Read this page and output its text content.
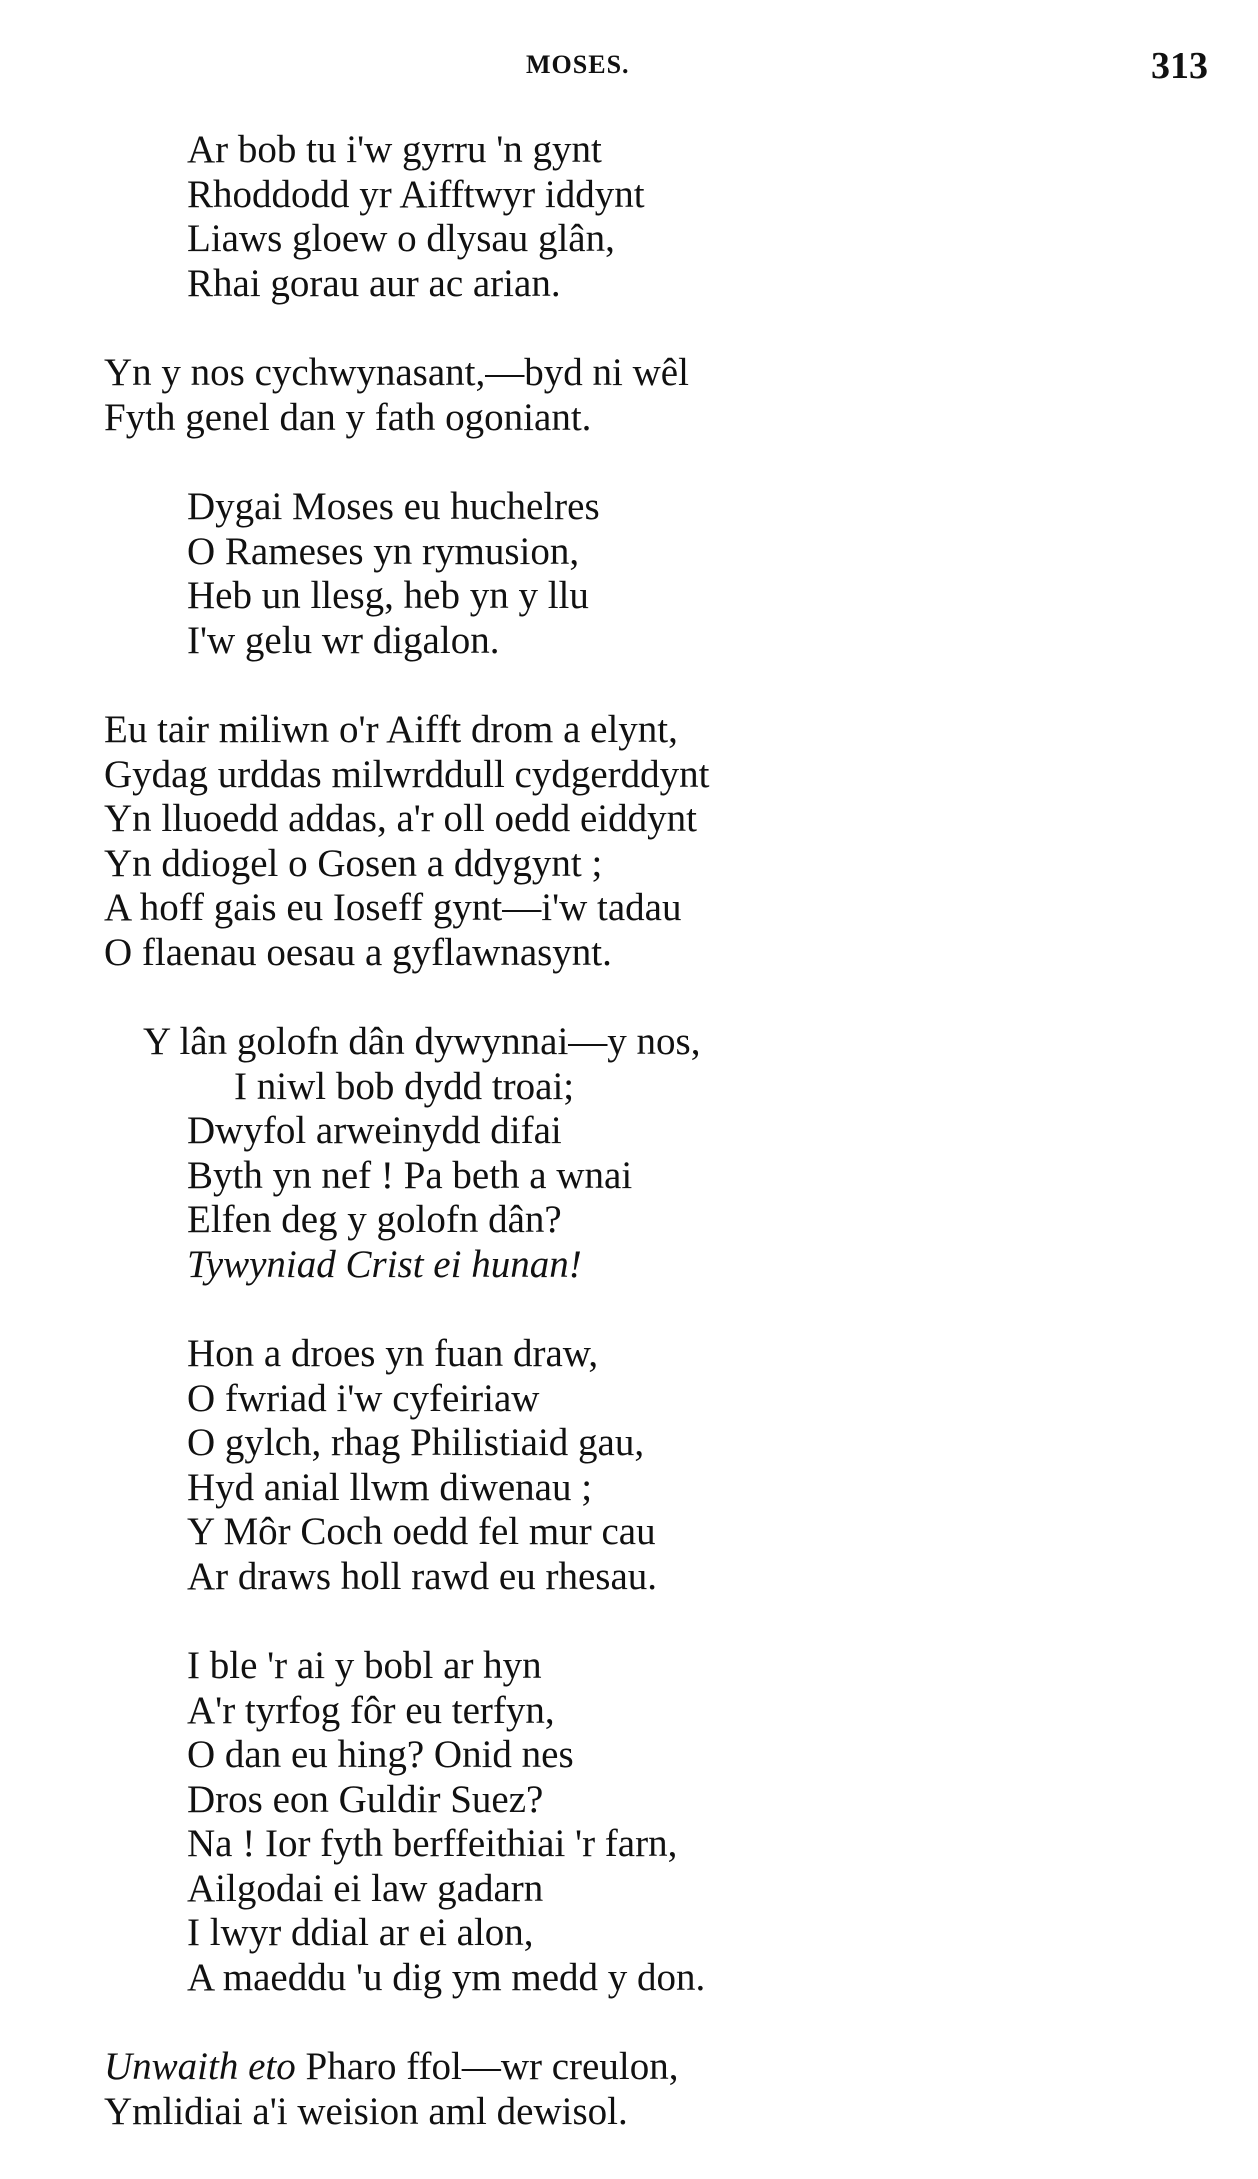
MOSES.	313
Ar bob tu i'w gyrru 'n gynt
Rhoddodd yr Aifftwyr iddynt
Liaws gloew o dlysau glân,
Rhai gorau aur ac arian.
Yn y nos cychwynasant,—byd ni wêl
Fyth genel dan y fath ogoniant.
Dygai Moses eu huchelres
O Rameses yn rymusion,
Heb un llesg, heb yn y llu
I'w gelu wr digalon.
Eu tair miliwn o'r Aifft drom a elynt,
Gydag urddas milwrddull cydgerddynt
Yn lluoedd addas, a'r oll oedd eiddynt
Yn ddiogel o Gosen a ddygynt ;
A hoff gais eu Ioseff gynt—i'w tadau
O flaenau oesau a gyflawnasynt.
Y lân golofn dân dywynnai—y nos,
I niwl bob dydd troai;
Dwyfol arweinydd difai
Byth yn nef ! Pa beth a wnai
Elfen deg y golofn dân?
Tywyniad Crist ei hunan!
Hon a droes yn fuan draw,
O fwriad i'w cyfeiriaw
O gylch, rhag Philistiaid gau,
Hyd anial llwm diwenau ;
Y Môr Coch oedd fel mur cau
Ar draws holl rawd eu rhesau.
I ble 'r ai y bobl ar hyn
A'r tyrfog fôr eu terfyn,
O dan eu hing? Onid nes
Dros eon Guldir Suez?
Na ! Ior fyth berffeithiai 'r farn,
Ailgodai ei law gadarn
I lwyr ddial ar ei alon,
A maeddu 'u dig ym medd y don.
Unwaith eto Pharo ffol—wr creulon,
Ymlidiai a'i weision aml dewisol.
